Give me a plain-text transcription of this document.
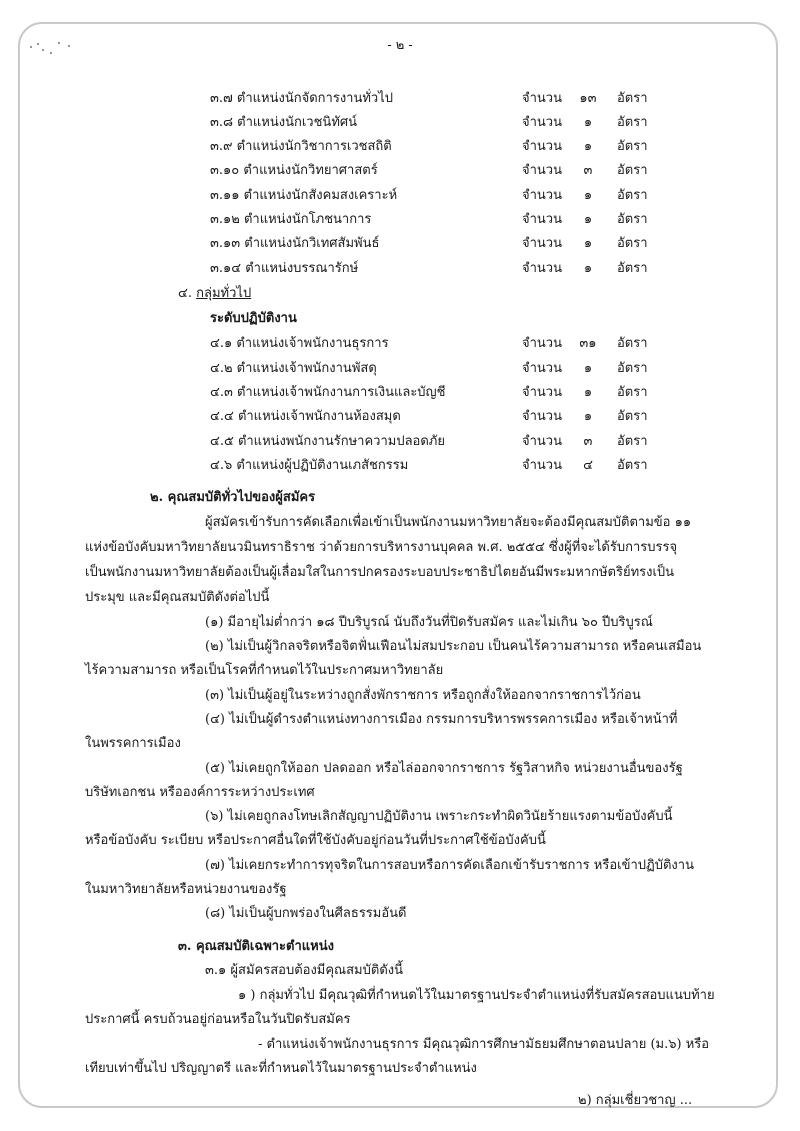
- ๒ -
๓.๗ ตำแหน่งนักจัดการงานทั่วไป	จำนวน	๑๓	อัตรา
๓.๘ ตำแหน่งนักเวชนิทัศน์	จำนวน	๑	อัตรา
๓.๙ ตำแหน่งนักวิชาการเวชสถิติ	จำนวน	๑	อัตรา
๓.๑๐ ตำแหน่งนักวิทยาศาสตร์	จำนวน	๓	อัตรา
๓.๑๑ ตำแหน่งนักสังคมสงเคราะห์	จำนวน	๑	อัตรา
๓.๑๒ ตำแหน่งนักโภชนาการ	จำนวน	๑	อัตรา
๓.๑๓ ตำแหน่งนักวิเทศสัมพันธ์	จำนวน	๑	อัตรา
๓.๑๔ ตำแหน่งบรรณารักษ์	จำนวน	๑	อัตรา
๔. กลุ่มทั่วไป
ระดับปฏิบัติงาน
๔.๑ ตำแหน่งเจ้าพนักงานธุรการ	จำนวน	๓๑	อัตรา
๔.๒ ตำแหน่งเจ้าพนักงานพัสดุ	จำนวน	๑	อัตรา
๔.๓ ตำแหน่งเจ้าพนักงานการเงินและบัญชี	จำนวน	๑	อัตรา
๔.๔ ตำแหน่งเจ้าพนักงานห้องสมุด	จำนวน	๑	อัตรา
๔.๕ ตำแหน่งพนักงานรักษาความปลอดภัย	จำนวน	๓	อัตรา
๔.๖ ตำแหน่งผู้ปฏิบัติงานเภสัชกรรม	จำนวน	๔	อัตรา
๒. คุณสมบัติทั่วไปของผู้สมัคร
ผู้สมัครเข้ารับการคัดเลือกเพื่อเข้าเป็นพนักงานมหาวิทยาลัยจะต้องมีคุณสมบัติตามข้อ ๑๑
แห่งข้อบังคับมหาวิทยาลัยนวมินทราธิราช ว่าด้วยการบริหารงานบุคคล พ.ศ. ๒๕๕๔ ซึ่งผู้ที่จะได้รับการบรรจุ
เป็นพนักงานมหาวิทยาลัยต้องเป็นผู้เลื่อมใสในการปกครองระบอบประชาธิปไตยอันมีพระมหากษัตริย์ทรงเป็น
ประมุข และมีคุณสมบัติดังต่อไปนี้
(๑) มีอายุไม่ต่ำกว่า ๑๘ ปีบริบูรณ์ นับถึงวันที่ปิดรับสมัคร และไม่เกิน ๖๐ ปีบริบูรณ์
(๒) ไม่เป็นผู้วิกลจริตหรือจิตฟั่นเฟือนไม่สมประกอบ เป็นคนไร้ความสามารถ หรือคนเสมือน
ไร้ความสามารถ หรือเป็นโรคที่กำหนดไว้ในประกาศมหาวิทยาลัย
(๓) ไม่เป็นผู้อยู่ในระหว่างถูกสั่งพักราชการ หรือถูกสั่งให้ออกจากราชการไว้ก่อน
(๔) ไม่เป็นผู้ดำรงตำแหน่งทางการเมือง กรรมการบริหารพรรคการเมือง หรือเจ้าหน้าที่
ในพรรคการเมือง
(๕) ไม่เคยถูกให้ออก ปลดออก หรือไล่ออกจากราชการ รัฐวิสาหกิจ หน่วยงานอื่นของรัฐ
บริษัทเอกชน หรือองค์การระหว่างประเทศ
(๖) ไม่เคยถูกลงโทษเลิกสัญญาปฏิบัติงาน เพราะกระทำผิดวินัยร้ายแรงตามข้อบังคับนี้
หรือข้อบังคับ ระเบียบ หรือประกาศอื่นใดที่ใช้บังคับอยู่ก่อนวันที่ประกาศใช้ข้อบังคับนี้
(๗) ไม่เคยกระทำการทุจริตในการสอบหรือการคัดเลือกเข้ารับราชการ หรือเข้าปฏิบัติงาน
ในมหาวิทยาลัยหรือหน่วยงานของรัฐ
(๘) ไม่เป็นผู้บกพร่องในศีลธรรมอันดี
๓. คุณสมบัติเฉพาะตำแหน่ง
๓.๑ ผู้สมัครสอบต้องมีคุณสมบัติดังนี้
๑ ) กลุ่มทั่วไป มีคุณวุฒิที่กำหนดไว้ในมาตรฐานประจำตำแหน่งที่รับสมัครสอบแนบท้าย
ประกาศนี้ ครบถ้วนอยู่ก่อนหรือในวันปิดรับสมัคร
- ตำแหน่งเจ้าพนักงานธุรการ มีคุณวุฒิการศึกษามัธยมศึกษาตอนปลาย (ม.๖) หรือ
เทียบเท่าขึ้นไป ปริญญาตรี และที่กำหนดไว้ในมาตรฐานประจำตำแหน่ง
๒) กลุ่มเชี่ยวชาญ ...
